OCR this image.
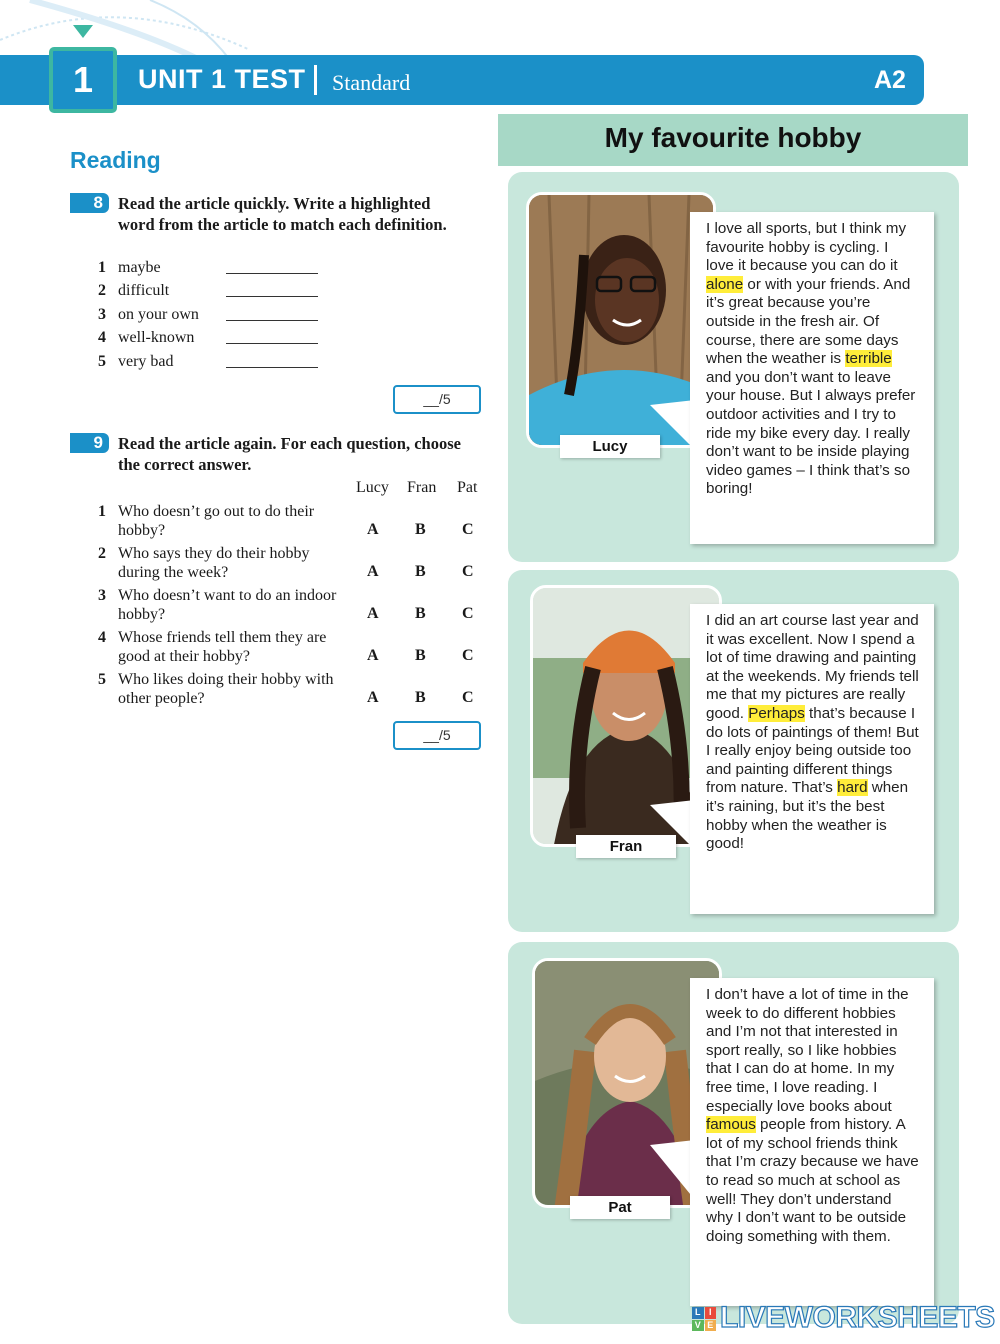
1	UNIT 1 TEST Standard	A2
Reading
8 Read the article quickly. Write a highlighted word from the article to match each definition.
1 maybe
2 difficult
3 on your own
4 well-known
5 very bad
__/5
9 Read the article again. For each question, choose the correct answer.
Lucy Fran Pat
1 Who doesn’t go out to do their hobby?	A B C
2 Who says they do their hobby during the week?	A B C
3 Who doesn’t want to do an indoor hobby?	A B C
4 Whose friends tell them they are good at their hobby?	A B C
5 Who likes doing their hobby with other people?	A B C
__/5
My favourite hobby
Lucy
I love all sports, but I think my favourite hobby is cycling. I love it because you can do it alone or with your friends. And it’s great because you’re outside in the fresh air. Of course, there are some days when the weather is terrible and you don’t want to leave your house. But I always prefer outdoor activities and I try to ride my bike every day. I really don’t want to be inside playing video games – I think that’s so boring!
Fran
I did an art course last year and it was excellent. Now I spend a lot of time drawing and painting at the weekends. My friends tell me that my pictures are really good. Perhaps that’s because I do lots of paintings of them! But I really enjoy being outside too and painting different things from nature. That’s hard when it’s raining, but it’s the best hobby when the weather is good!
Pat
I don’t have a lot of time in the week to do different hobbies and I’m not that interested in sport really, so I like hobbies that I can do at home. In my free time, I love reading. I especially love books about famous people from history. A lot of my school friends think that I’m crazy because we have to read so much at school as well! They don’t understand why I don’t want to be outside doing something with them.
L I
V E LIVEWORKSHEETS
